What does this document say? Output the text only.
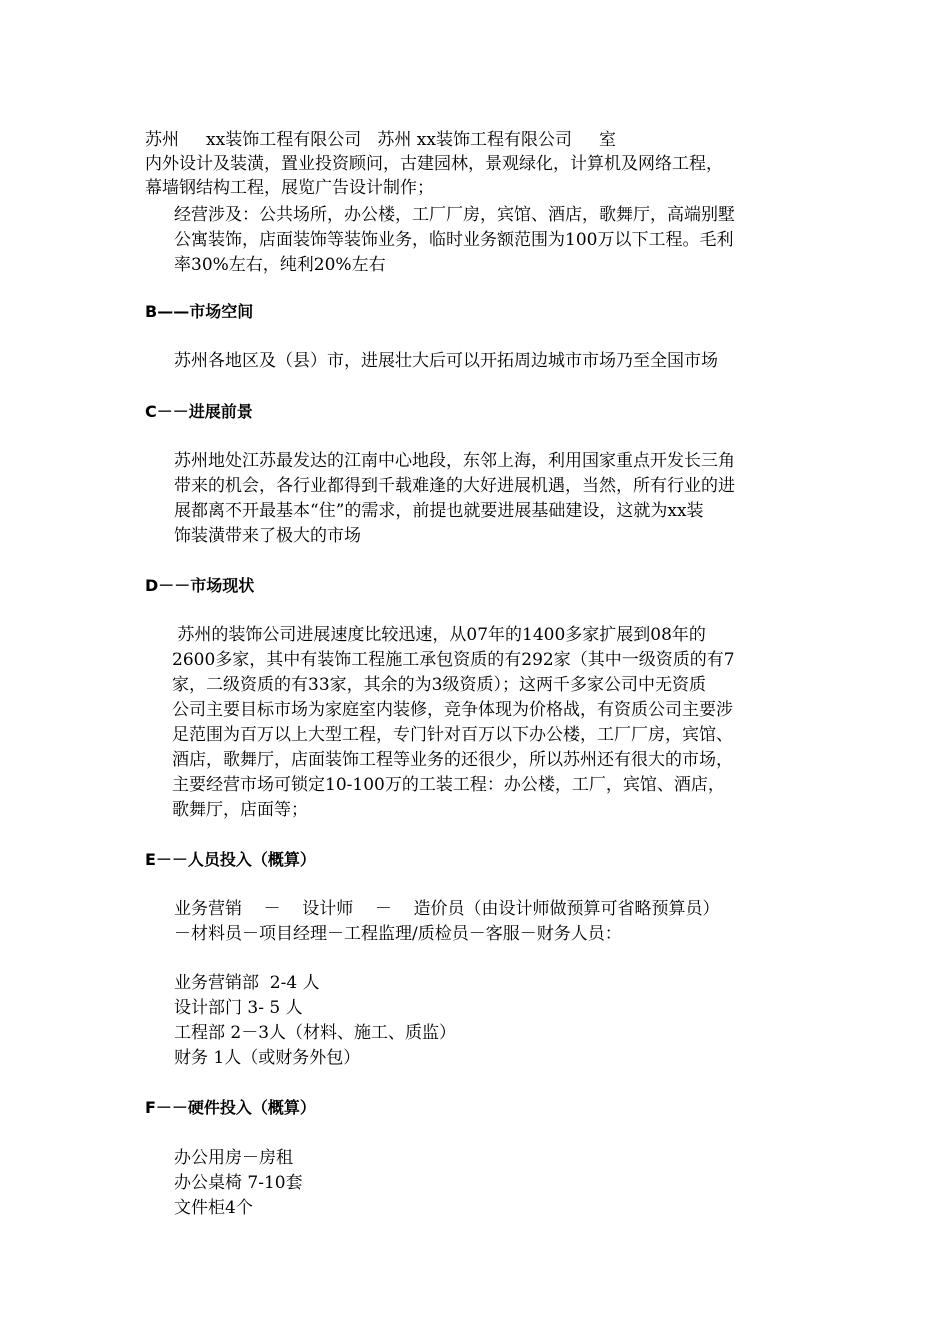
苏州     xx装饰工程有限公司   苏州 xx装饰工程有限公司     室
内外设计及装潢，置业投资顾问，古建园林，景观绿化，计算机及网络工程，
幕墙钢结构工程，展览广告设计制作；
经营涉及：公共场所，办公楼，工厂厂房，宾馆、酒店，歌舞厅，高端别墅
公寓装饰，店面装饰等装饰业务，临时业务额范围为100万以下工程。毛利
率30%左右，纯利20%左右
B——市场空间
苏州各地区及（县）市，进展壮大后可以开拓周边城市市场乃至全国市场
C－－进展前景
苏州地处江苏最发达的江南中心地段，东邻上海，利用国家重点开发长三角
带来的机会，各行业都得到千载难逢的大好进展机遇，当然，所有行业的进
展都离不开最基本“住”的需求，前提也就要进展基础建设，这就为xx装
饰装潢带来了极大的市场
D－－市场现状
苏州的装饰公司进展速度比较迅速，从07年的1400多家扩展到08年的
2600多家，其中有装饰工程施工承包资质的有292家（其中一级资质的有7
家，二级资质的有33家，其余的为3级资质）；这两千多家公司中无资质
公司主要目标市场为家庭室内装修，竞争体现为价格战，有资质公司主要涉
足范围为百万以上大型工程，专门针对百万以下办公楼，工厂厂房，宾馆、
酒店，歌舞厅，店面装饰工程等业务的还很少，所以苏州还有很大的市场，
主要经营市场可锁定10-100万的工装工程：办公楼，工厂，宾馆、酒店，
歌舞厅，店面等；
E－－人员投入（概算）
业务营销    －    设计师    －    造价员（由设计师做预算可省略预算员）
－材料员－项目经理－工程监理/质检员－客服－财务人员：
业务营销部  2-4 人
设计部门 3- 5 人
工程部 2－3人（材料、施工、质监）
财务 1人（或财务外包）
F－－硬件投入（概算）
办公用房－房租
办公桌椅 7-10套
文件柜4个
